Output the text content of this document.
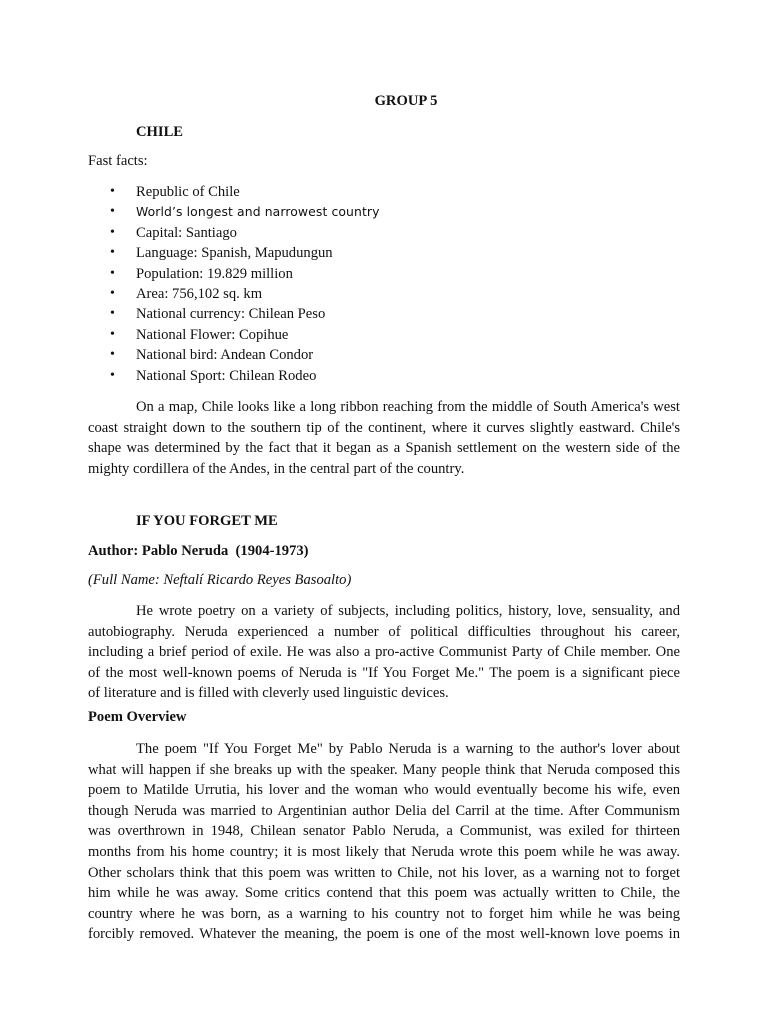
GROUP 5
CHILE
Fast facts:
• Republic of Chile
• World’s longest and narrowest country
• Capital: Santiago
• Language: Spanish, Mapudungun
• Population: 19.829 million
• Area: 756,102 sq. km
• National currency: Chilean Peso
• National Flower: Copihue
• National bird: Andean Condor
• National Sport: Chilean Rodeo
On a map, Chile looks like a long ribbon reaching from the middle of South America's west
coast straight down to the southern tip of the continent, where it curves slightly eastward. Chile's
shape was determined by the fact that it began as a Spanish settlement on the western side of the
mighty cordillera of the Andes, in the central part of the country.
IF YOU FORGET ME
Author: Pablo Neruda  (1904-1973)
(Full Name: Neftalí Ricardo Reyes Basoalto)
He wrote poetry on a variety of subjects, including politics, history, love, sensuality, and
autobiography. Neruda experienced a number of political difficulties throughout his career,
including a brief period of exile. He was also a pro-active Communist Party of Chile member. One
of the most well-known poems of Neruda is "If You Forget Me." The poem is a significant piece
of literature and is filled with cleverly used linguistic devices.
Poem Overview
The poem "If You Forget Me" by Pablo Neruda is a warning to the author's lover about
what will happen if she breaks up with the speaker. Many people think that Neruda composed this
poem to Matilde Urrutia, his lover and the woman who would eventually become his wife, even
though Neruda was married to Argentinian author Delia del Carril at the time. After Communism
was overthrown in 1948, Chilean senator Pablo Neruda, a Communist, was exiled for thirteen
months from his home country; it is most likely that Neruda wrote this poem while he was away.
Other scholars think that this poem was written to Chile, not his lover, as a warning not to forget
him while he was away. Some critics contend that this poem was actually written to Chile, the
country where he was born, as a warning to his country not to forget him while he was being
forcibly removed. Whatever the meaning, the poem is one of the most well-known love poems in
